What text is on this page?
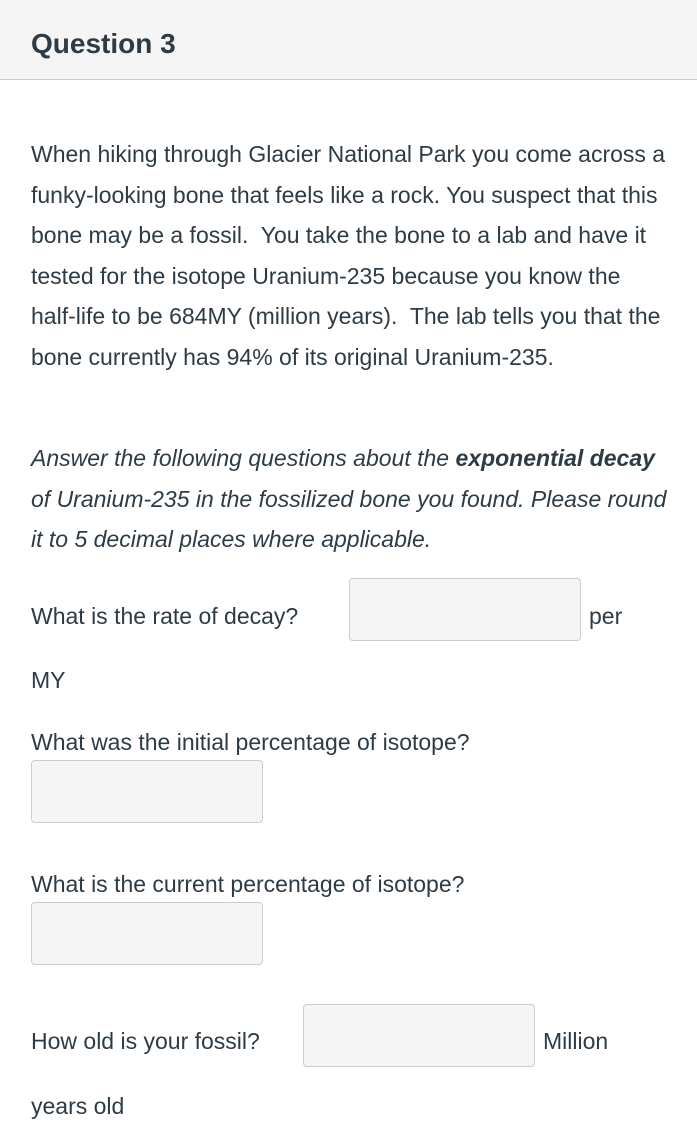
Question 3

When hiking through Glacier National Park you come across a funky-looking bone that feels like a rock. You suspect that this bone may be a fossil. You take the bone to a lab and have it tested for the isotope Uranium-235 because you know the half-life to be 684MY (million years). The lab tells you that the bone currently has 94% of its original Uranium-235.

Answer the following questions about the exponential decay of Uranium-235 in the fossilized bone you found. Please round it to 5 decimal places where applicable.

What is the rate of decay?	per
MY
What was the initial percentage of isotope?
What is the current percentage of isotope?
How old is your fossil?	Million
years old
